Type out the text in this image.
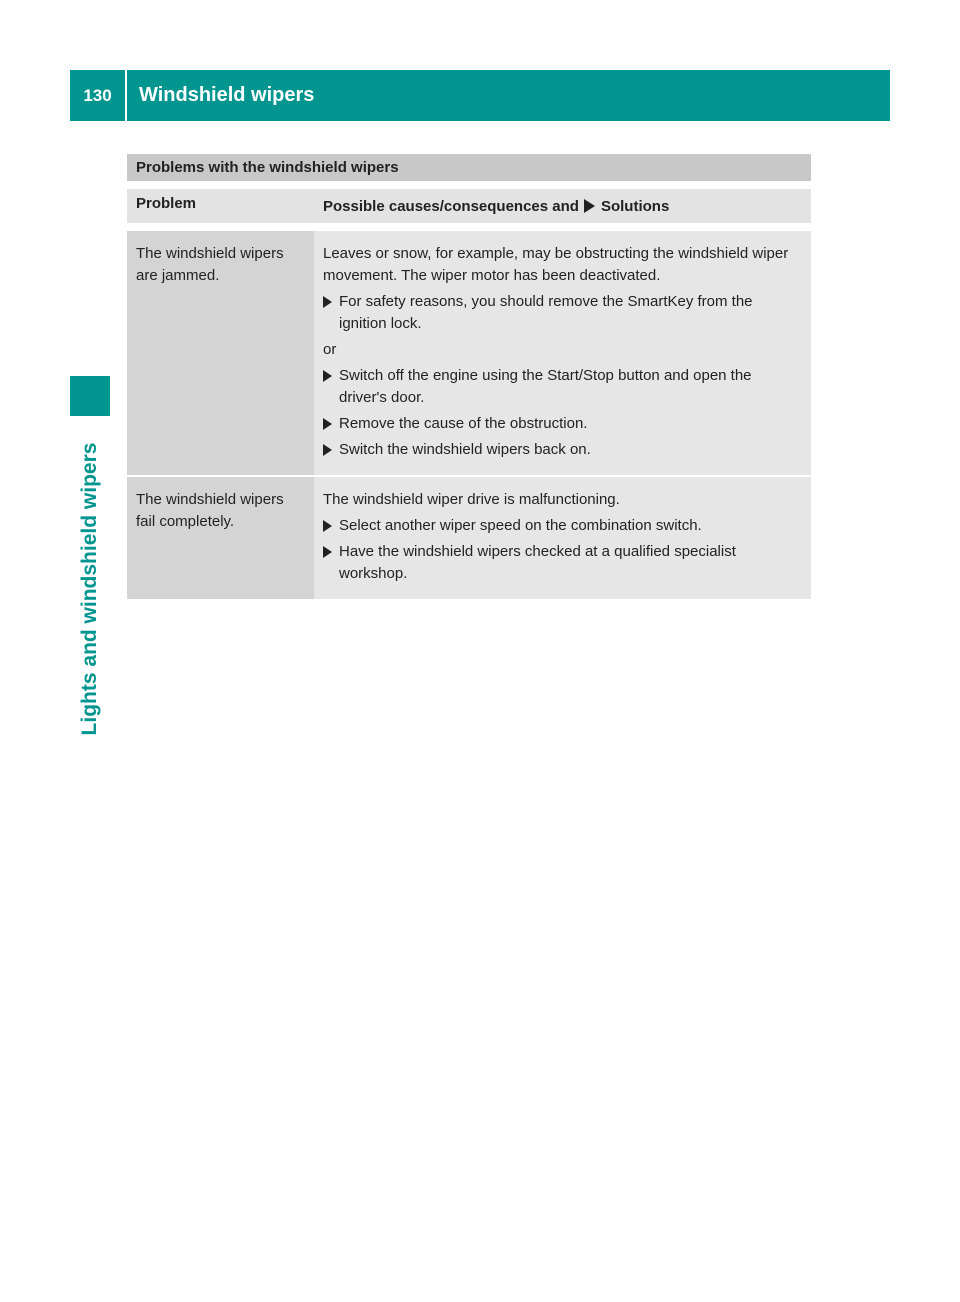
130	Windshield wipers
Lights and windshield wipers
Problems with the windshield wipers
Problem	Possible causes/consequences and Solutions
The windshield wipers are jammed.
Leaves or snow, for example, may be obstructing the windshield wiper movement. The wiper motor has been deactivated.
For safety reasons, you should remove the SmartKey from the ignition lock.
or
Switch off the engine using the Start/Stop button and open the driver's door.
Remove the cause of the obstruction.
Switch the windshield wipers back on.
The windshield wipers fail completely.
The windshield wiper drive is malfunctioning.
Select another wiper speed on the combination switch.
Have the windshield wipers checked at a qualified specialist workshop.
